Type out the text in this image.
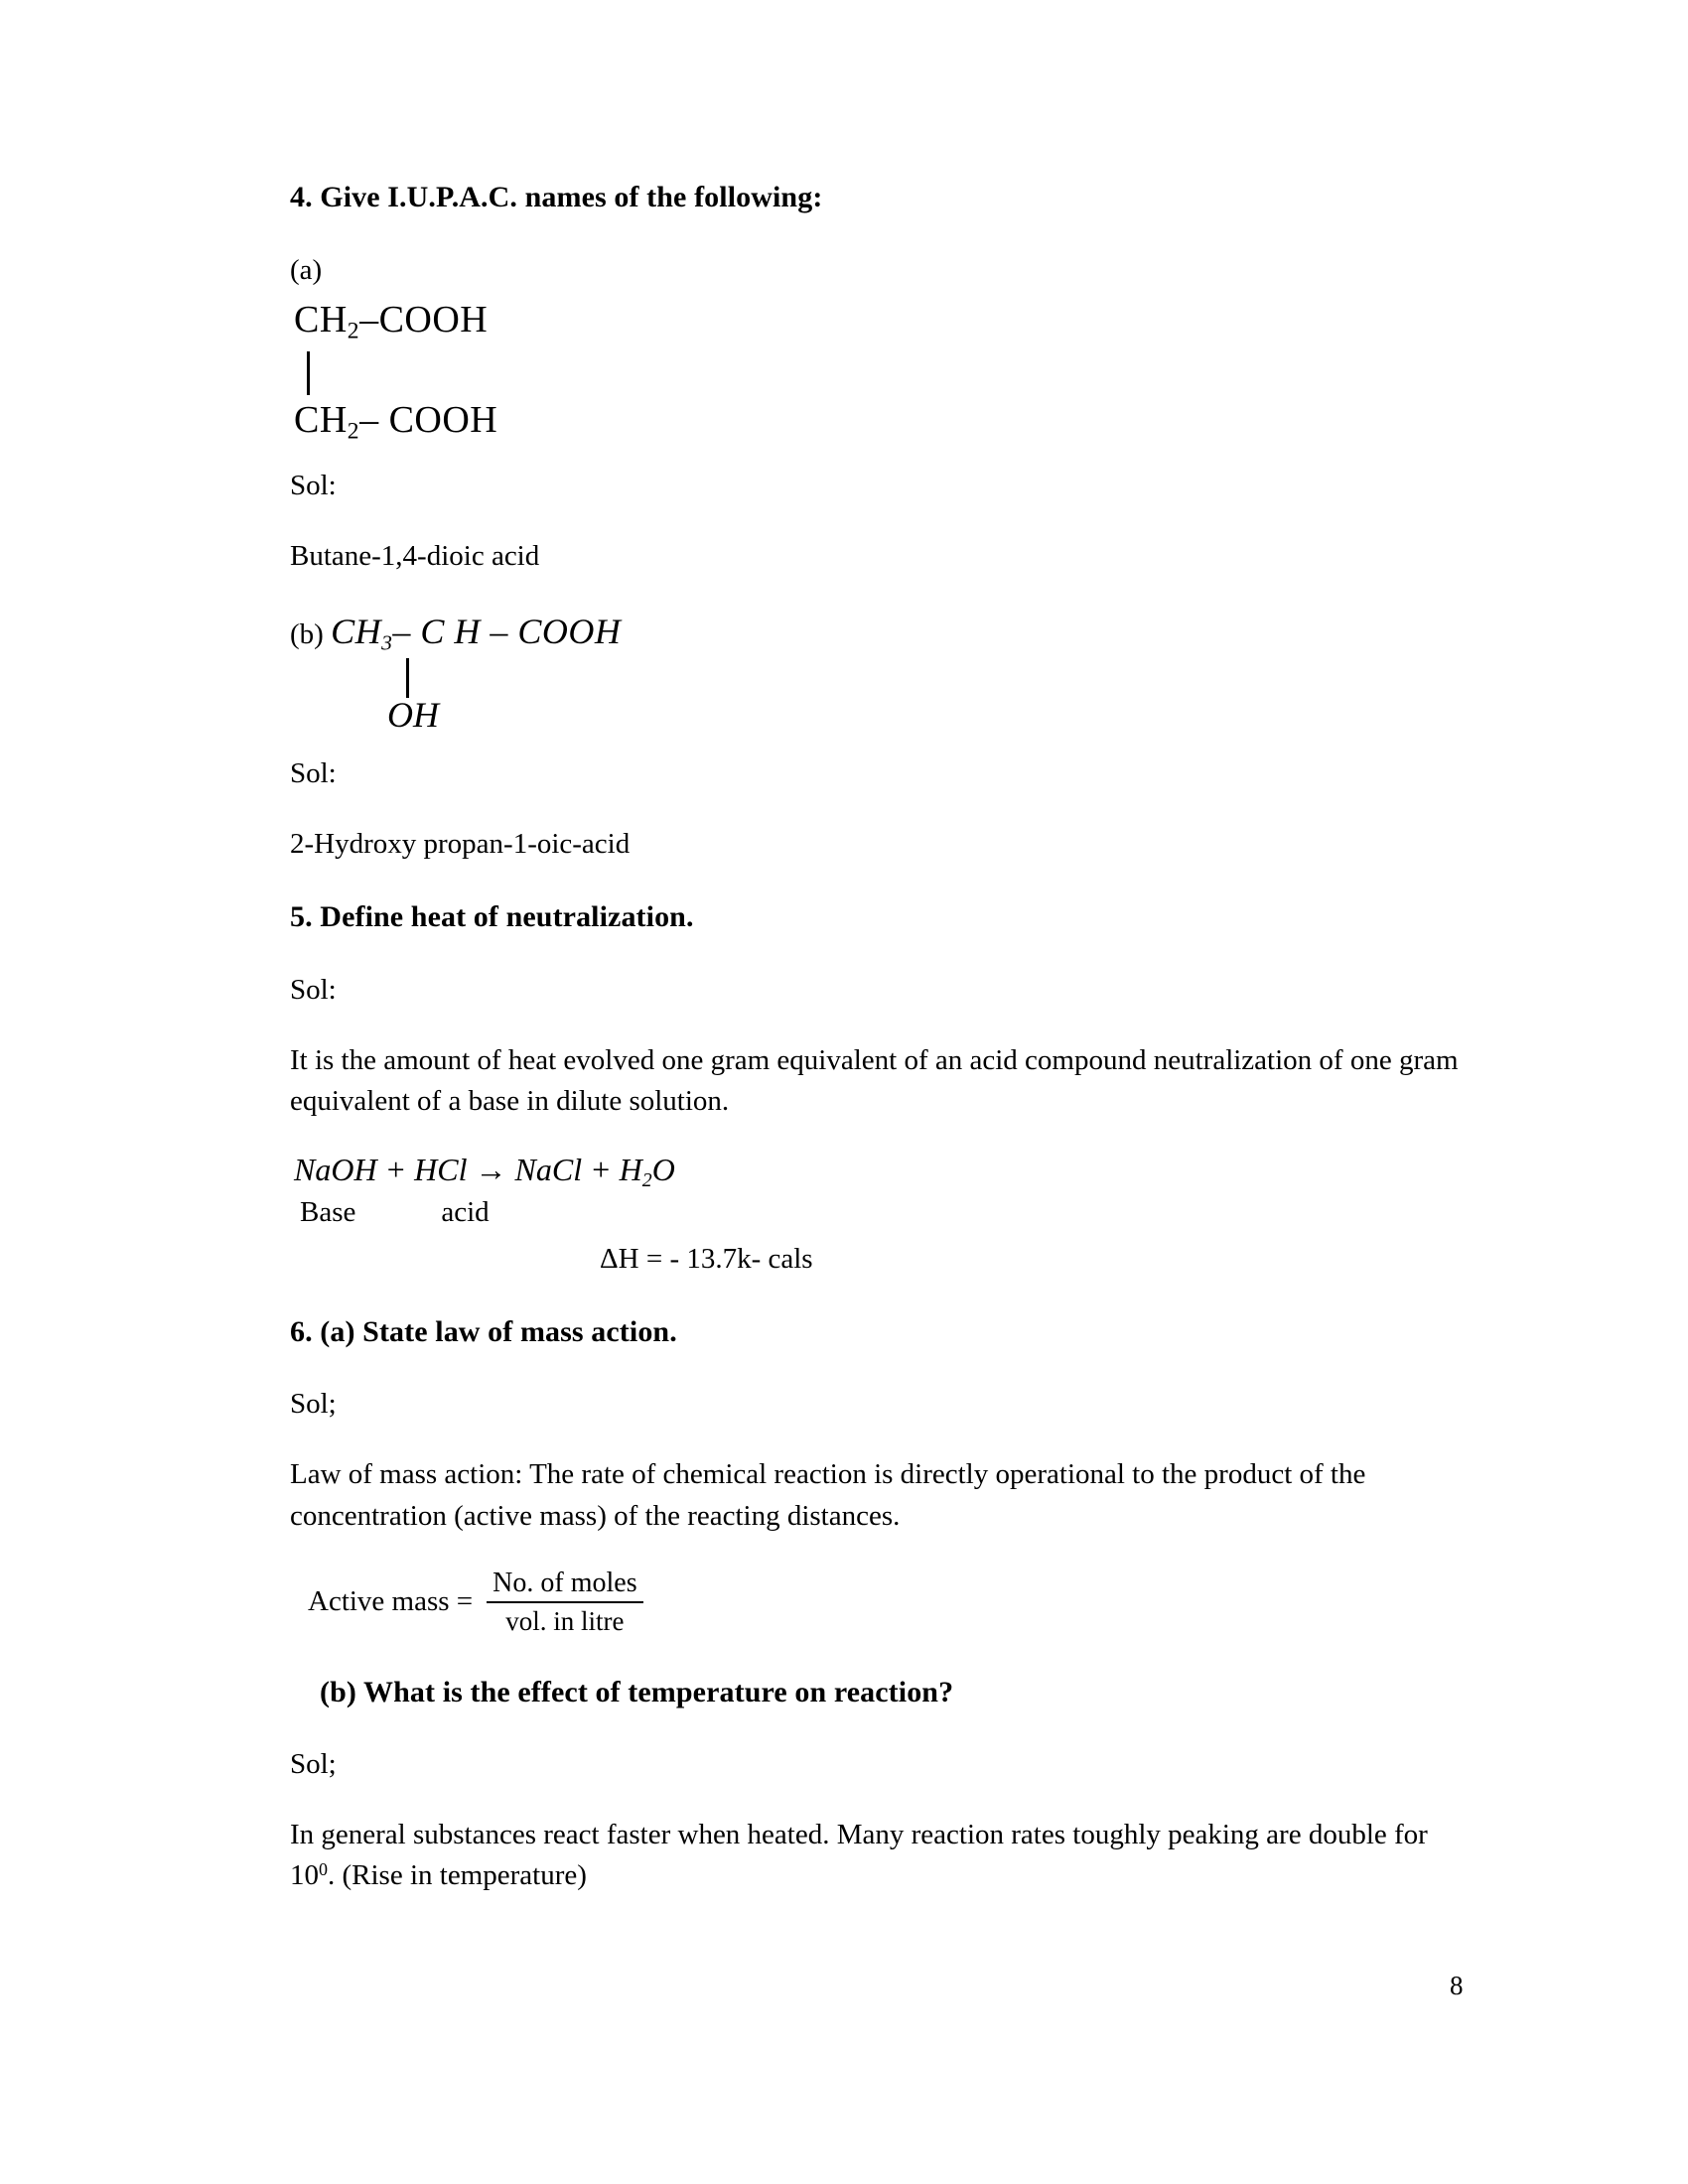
4. Give I.U.P.A.C. names of the following:
(a)
$CH_2$–COOH
$CH_2-$ COOH
Sol:
Butane-1,4-dioic acid
(b) $CH_3-$ C H – COOH
OH
Sol:
2-Hydroxy propan-1-oic-acid
5. Define heat of neutralization.
Sol:
It is the amount of heat evolved one gram equivalent of an acid compound neutralization of one gram equivalent of a base in dilute solution.
NaOH + HCl → NaCl + $H_2O$
Base	acid
ΔH = - 13.7k- cals
6. (a) State law of mass action.
Sol;
Law of mass action: The rate of chemical reaction is directly operational to the product of the concentration (active mass) of the reacting distances.
Active mass = $\frac{\text{No. of moles}}{\text{vol. in litre}}$
(b) What is the effect of temperature on reaction?
Sol;
In general substances react faster when heated. Many reaction rates toughly peaking are double for $10^0$. (Rise in temperature)
8
